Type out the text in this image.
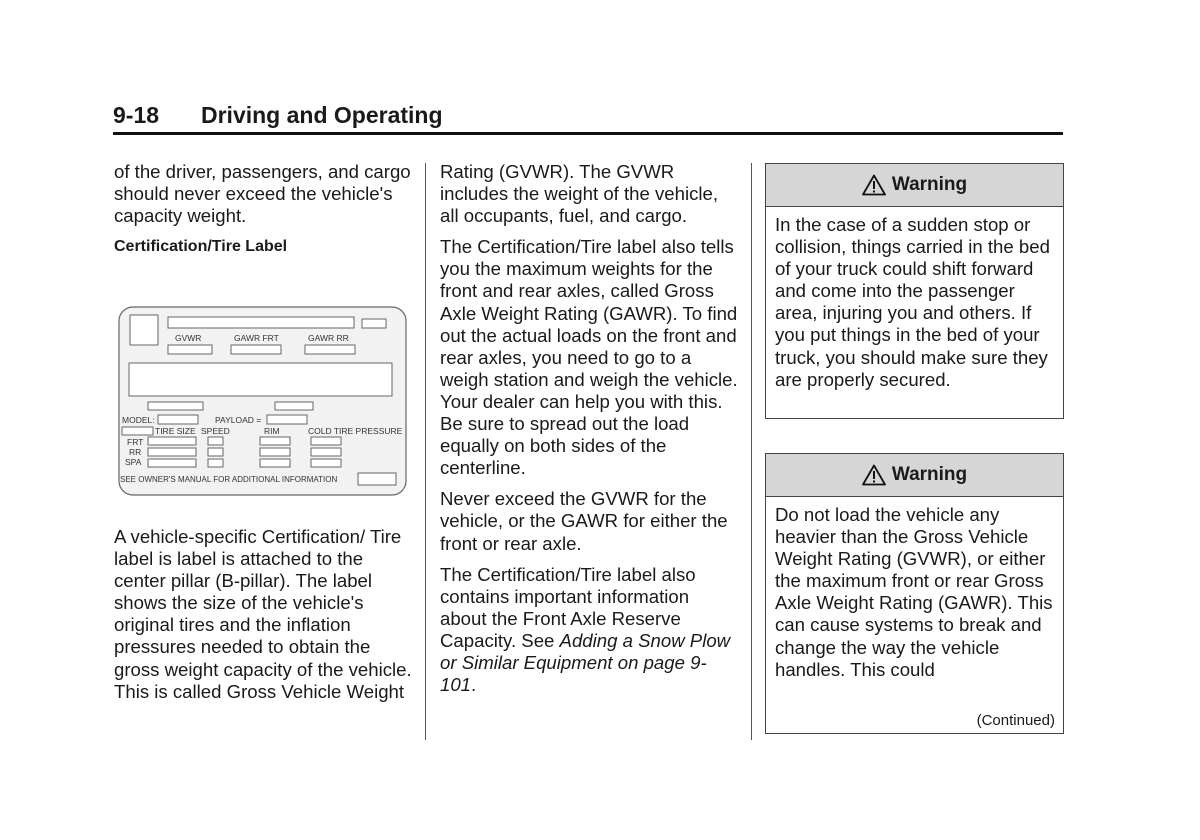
9-18 Driving and Operating

of the driver, passengers, and cargo should never exceed the vehicle's capacity weight.

Certification/Tire Label

GVWR	GAWR FRT	GAWR RR
MODEL:	PAYLOAD =
TIRE SIZE SPEED	RIM	COLD TIRE PRESSURE
FRT
RR
SPA
SEE OWNER'S MANUAL FOR ADDITIONAL INFORMATION

A vehicle-specific Certification/ Tire label is label is attached to the center pillar (B-pillar). The label shows the size of the vehicle's original tires and the inflation pressures needed to obtain the gross weight capacity of the vehicle. This is called Gross Vehicle Weight

Rating (GVWR). The GVWR includes the weight of the vehicle, all occupants, fuel, and cargo.

The Certification/Tire label also tells you the maximum weights for the front and rear axles, called Gross Axle Weight Rating (GAWR). To find out the actual loads on the front and rear axles, you need to go to a weigh station and weigh the vehicle. Your dealer can help you with this. Be sure to spread out the load equally on both sides of the centerline.

Never exceed the GVWR for the vehicle, or the GAWR for either the front or rear axle.

The Certification/Tire label also contains important information about the Front Axle Reserve Capacity. See Adding a Snow Plow or Similar Equipment on page 9-101.

Warning
In the case of a sudden stop or collision, things carried in the bed of your truck could shift forward and come into the passenger area, injuring you and others. If you put things in the bed of your truck, you should make sure they are properly secured.
Warning
Do not load the vehicle any heavier than the Gross Vehicle Weight Rating (GVWR), or either the maximum front or rear Gross Axle Weight Rating (GAWR). This can cause systems to break and change the way the vehicle handles. This could
(Continued)
